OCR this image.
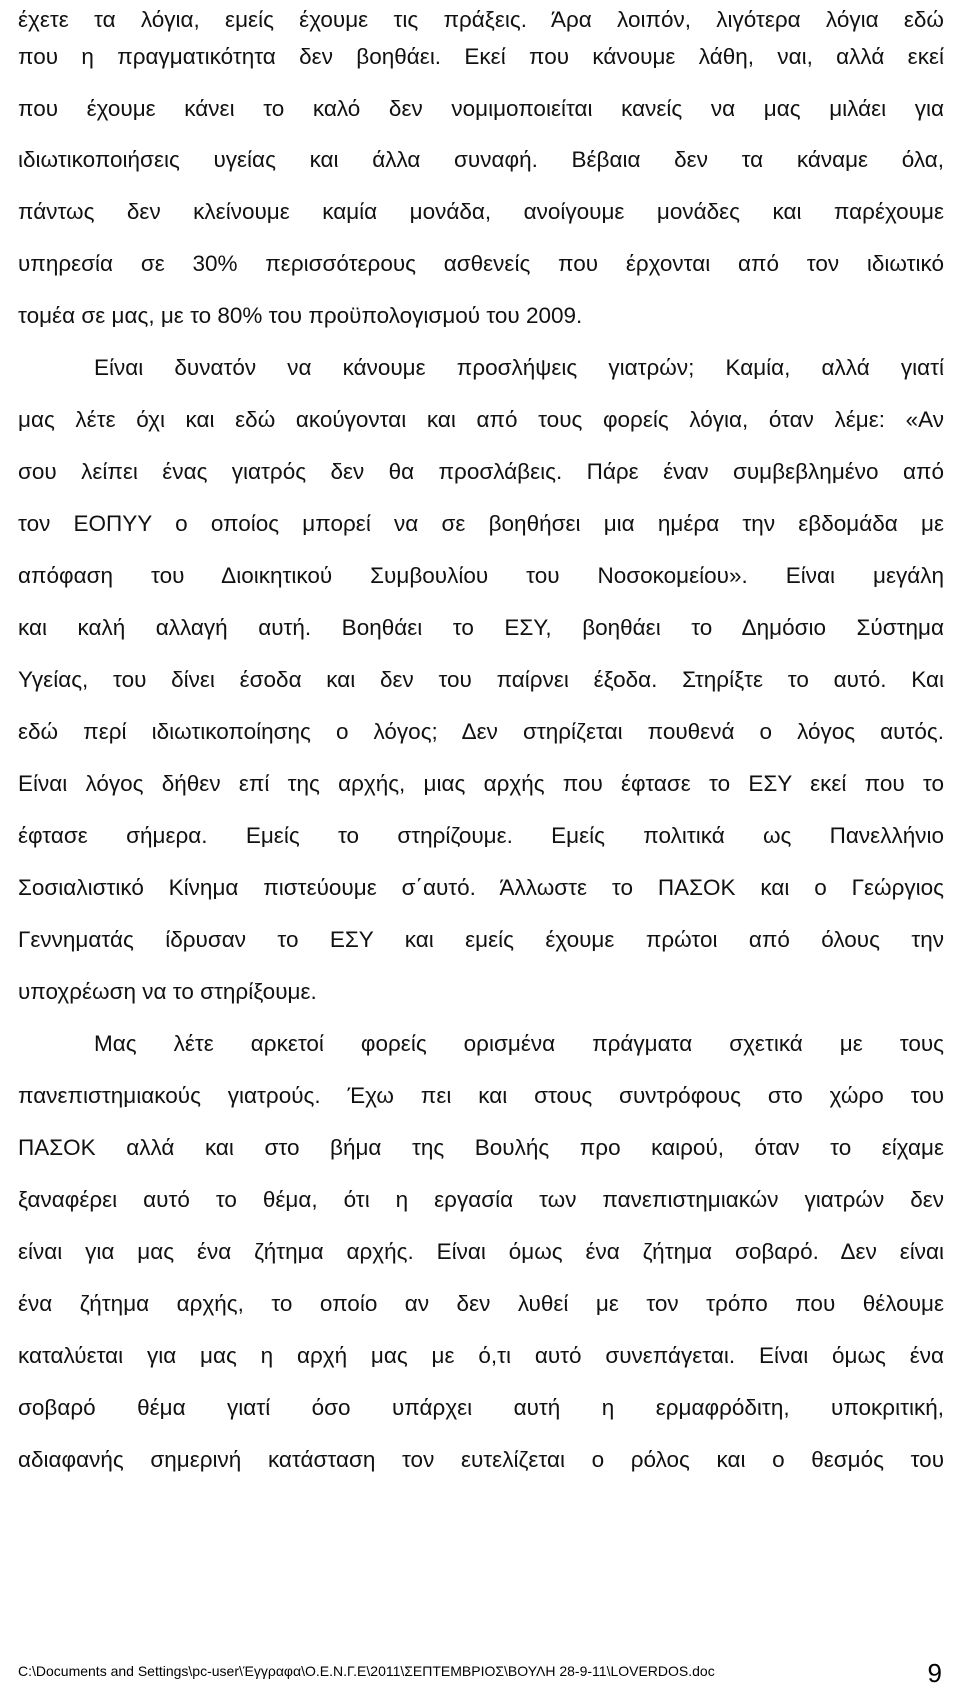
έχετε τα λόγια, εμείς έχουμε τις πράξεις. Άρα λοιπόν, λιγότερα λόγια εδώ
που η πραγματικότητα δεν βοηθάει. Εκεί που κάνουμε λάθη, ναι, αλλά εκεί
που έχουμε κάνει το καλό δεν νομιμοποιείται κανείς να μας μιλάει για
ιδιωτικοποιήσεις υγείας και άλλα συναφή. Βέβαια δεν τα κάναμε όλα,
πάντως δεν κλείνουμε καμία μονάδα, ανοίγουμε μονάδες και παρέχουμε
υπηρεσία σε 30% περισσότερους ασθενείς που έρχονται από τον ιδιωτικό
τομέα σε μας, με το 80% του προϋπολογισμού του 2009.
Είναι δυνατόν να κάνουμε προσλήψεις γιατρών; Καμία, αλλά γιατί
μας λέτε όχι και εδώ ακούγονται και από τους φορείς λόγια, όταν λέμε: «Αν
σου λείπει ένας γιατρός δεν θα προσλάβεις. Πάρε έναν συμβεβλημένο από
τον ΕΟΠΥΥ ο οποίος μπορεί να σε βοηθήσει μια ημέρα την εβδομάδα με
απόφαση του Διοικητικού Συμβουλίου του Νοσοκομείου». Είναι μεγάλη
και καλή αλλαγή αυτή. Βοηθάει το ΕΣΥ, βοηθάει το Δημόσιο Σύστημα
Υγείας, του δίνει έσοδα και δεν του παίρνει έξοδα. Στηρίξτε το αυτό. Και
εδώ περί ιδιωτικοποίησης ο λόγος; Δεν στηρίζεται πουθενά ο λόγος αυτός.
Είναι λόγος δήθεν επί της αρχής, μιας αρχής που έφτασε το ΕΣΥ εκεί που το
έφτασε σήμερα. Εμείς το στηρίζουμε. Εμείς πολιτικά ως Πανελλήνιο
Σοσιαλιστικό Κίνημα πιστεύουμε σ΄αυτό. Άλλωστε το ΠΑΣΟΚ και ο Γεώργιος
Γεννηματάς ίδρυσαν το ΕΣΥ και εμείς έχουμε πρώτοι από όλους την
υποχρέωση να το στηρίξουμε.
Μας λέτε αρκετοί φορείς ορισμένα πράγματα σχετικά με τους
πανεπιστημιακούς γιατρούς. Έχω πει και στους συντρόφους στο χώρο του
ΠΑΣΟΚ αλλά και στο βήμα της Βουλής προ καιρού, όταν το είχαμε
ξαναφέρει αυτό το θέμα, ότι η εργασία των πανεπιστημιακών γιατρών δεν
είναι για μας ένα ζήτημα αρχής. Είναι όμως ένα ζήτημα σοβαρό. Δεν είναι
ένα ζήτημα αρχής, το οποίο αν δεν λυθεί με τον τρόπο που θέλουμε
καταλύεται για μας η αρχή μας με ό,τι αυτό συνεπάγεται. Είναι όμως ένα
σοβαρό θέμα γιατί όσο υπάρχει αυτή η ερμαφρόδιτη, υποκριτική,
αδιαφανής σημερινή κατάσταση τον ευτελίζεται ο ρόλος και ο θεσμός του
C:\Documents and Settings\pc-user\Έγγραφα\Ο.Ε.Ν.Γ.Ε\2011\ΣΕΠΤΕΜΒΡΙΟΣ\ΒΟΥΛΗ 28-9-11\LOVERDOS.doc	9
